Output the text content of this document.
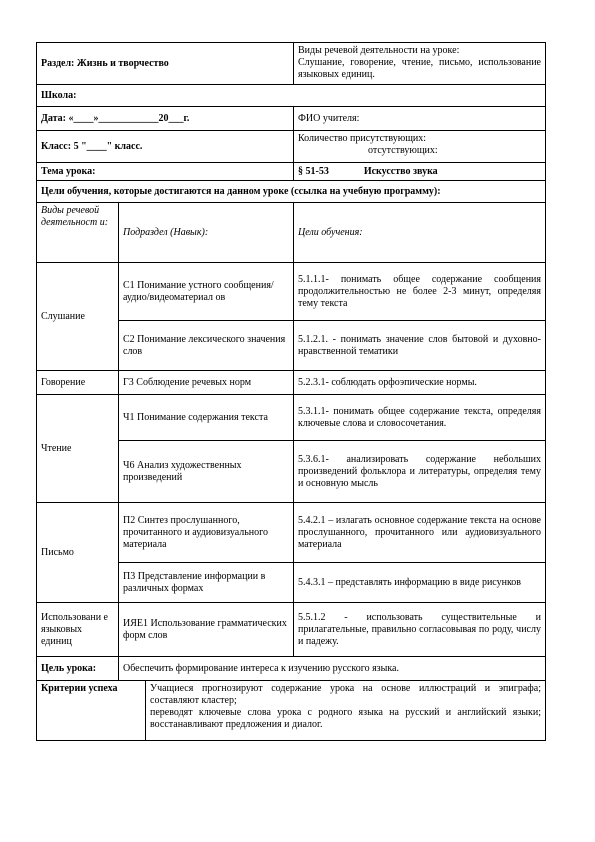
Раздел: Жизнь и творчество			Виды речевой деятельности на уроке:
Слушание, говорение, чтение, письмо, использование языковых единиц.

Школа:			
Дата: «____»____________20___г.			ФИО учителя:
Класс: 5 "____" класс.			Количество присутствующих:
отсутствующих:

Тема урока:			§ 51-53 Искусство звука
Цели обучения, которые достигаются на данном уроке (ссылка на учебную программу):			
Виды речевой деятельност и:	Подраздел (Навык):		Цели обучения:
Слушание	С1 Понимание устного сообщения/аудио/видеоматериал ов		5.1.1.1- понимать общее содержание сообщения продолжительностью не более 2-3 минут, определяя тему текста
	С2 Понимание лексического значения слов		5.1.2.1. - понимать значение слов бытовой и духовно-нравственной тематики
Говорение	Г3 Соблюдение речевых норм		5.2.3.1- соблюдать орфоэпические нормы.
Чтение	Ч1 Понимание содержания текста		5.3.1.1- понимать общее содержание текста, определяя ключевые слова и словосочетания.
	Ч6 Анализ художественных произведений		5.3.6.1- анализировать содержание небольших произведений фольклора и литературы, определяя тему и основную мысль
Письмо	П2 Синтез прослушанного, прочитанного и аудиовизуального материала		5.4.2.1 – излагать основное содержание текста на основе прослушанного, прочитанного или аудиовизуального материала
	П3 Представление информации в различных формах		5.4.3.1 – представлять информацию в виде рисунков
Использовани е языковых единиц	ИЯЕ1 Использование грамматических форм слов		5.5.1.2 - использовать существительные и прилагательные, правильно согласовывая по роду, числу и падежу.
Цель урока:	Обеспечить формирование интереса к изучению русского языка.		
Критерии успеха		Учащиеся прогнозируют содержание урока на основе иллюстраций и эпиграфа; составляют кластер;
переводят ключевые слова урока с родного языка на русский и английский языки; восстанавливают предложения и диалог.	
